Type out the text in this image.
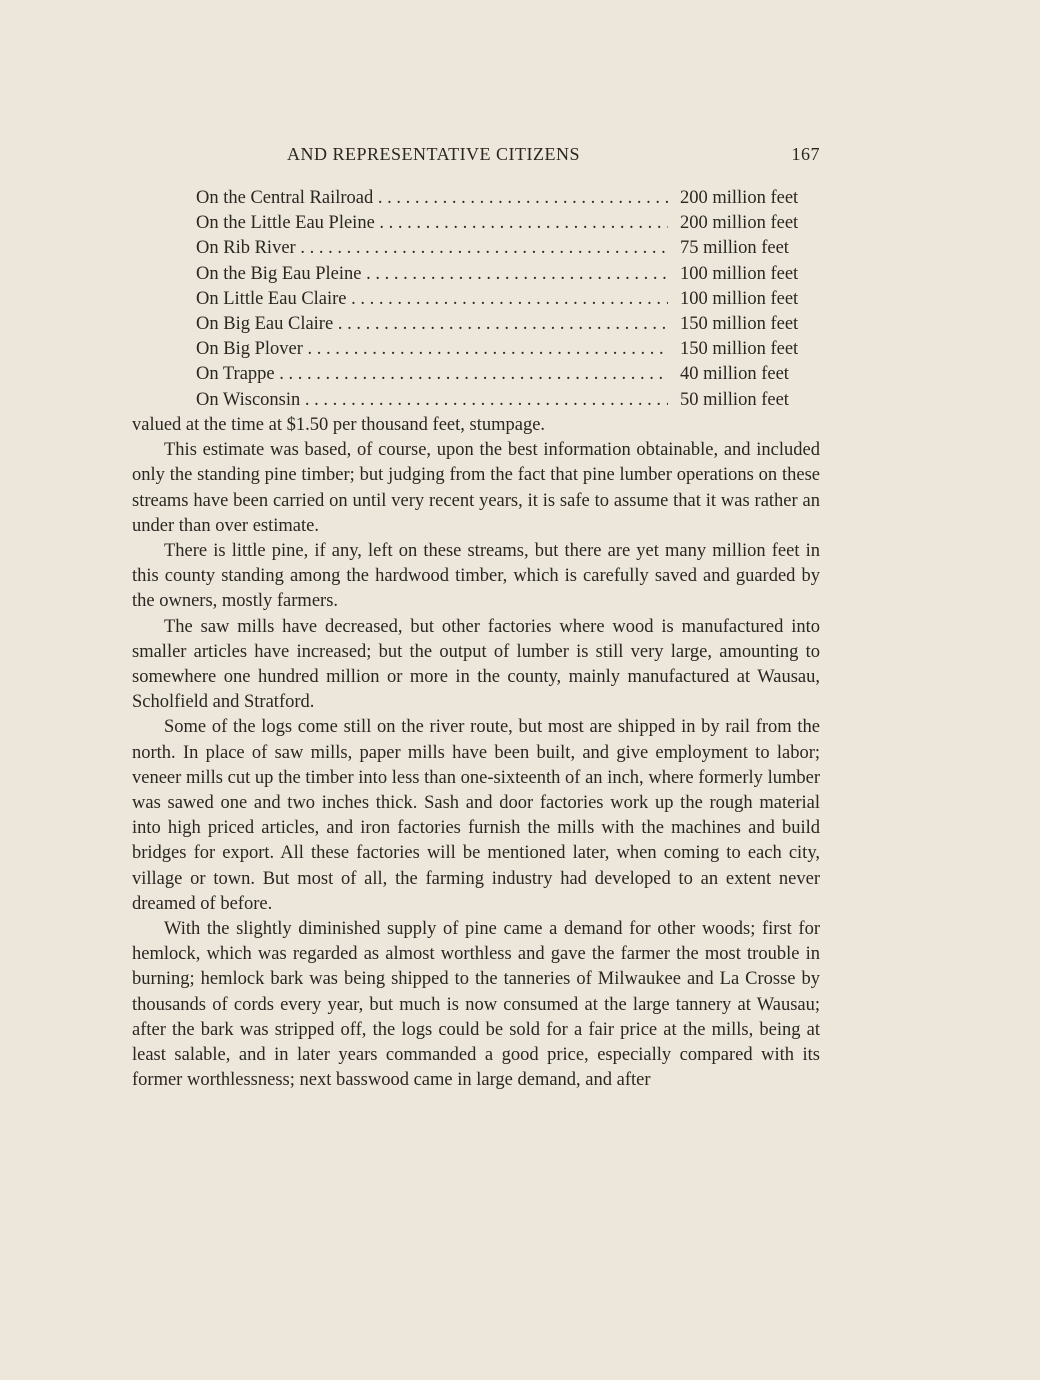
AND REPRESENTATIVE CITIZENS	167
On the Central Railroad . . .	200 million feet
On the Little Eau Pleine . . .	200 million feet
On Rib River . . .	75 million feet
On the Big Eau Pleine . . .	100 million feet
On Little Eau Claire . . .	100 million feet
On Big Eau Claire . . .	150 million feet
On Big Plover . . .	150 million feet
On Trappe . . .	40 million feet
On Wisconsin . . .	50 million feet

valued at the time at $1.50 per thousand feet, stumpage.

This estimate was based, of course, upon the best information obtainable, and included only the standing pine timber; but judging from the fact that pine lumber operations on these streams have been carried on until very recent years, it is safe to assume that it was rather an under than over estimate.

There is little pine, if any, left on these streams, but there are yet many million feet in this county standing among the hardwood timber, which is carefully saved and guarded by the owners, mostly farmers.

The saw mills have decreased, but other factories where wood is manufactured into smaller articles have increased; but the output of lumber is still very large, amounting to somewhere one hundred million or more in the county, mainly manufactured at Wausau, Scholfield and Stratford.

Some of the logs come still on the river route, but most are shipped in by rail from the north. In place of saw mills, paper mills have been built, and give employment to labor; veneer mills cut up the timber into less than one-sixteenth of an inch, where formerly lumber was sawed one and two inches thick. Sash and door factories work up the rough material into high priced articles, and iron factories furnish the mills with the machines and build bridges for export. All these factories will be mentioned later, when coming to each city, village or town. But most of all, the farming industry had developed to an extent never dreamed of before.

With the slightly diminished supply of pine came a demand for other woods; first for hemlock, which was regarded as almost worthless and gave the farmer the most trouble in burning; hemlock bark was being shipped to the tanneries of Milwaukee and La Crosse by thousands of cords every year, but much is now consumed at the large tannery at Wausau; after the bark was stripped off, the logs could be sold for a fair price at the mills, being at least salable, and in later years commanded a good price, especially compared with its former worthlessness; next basswood came in large demand, and after
